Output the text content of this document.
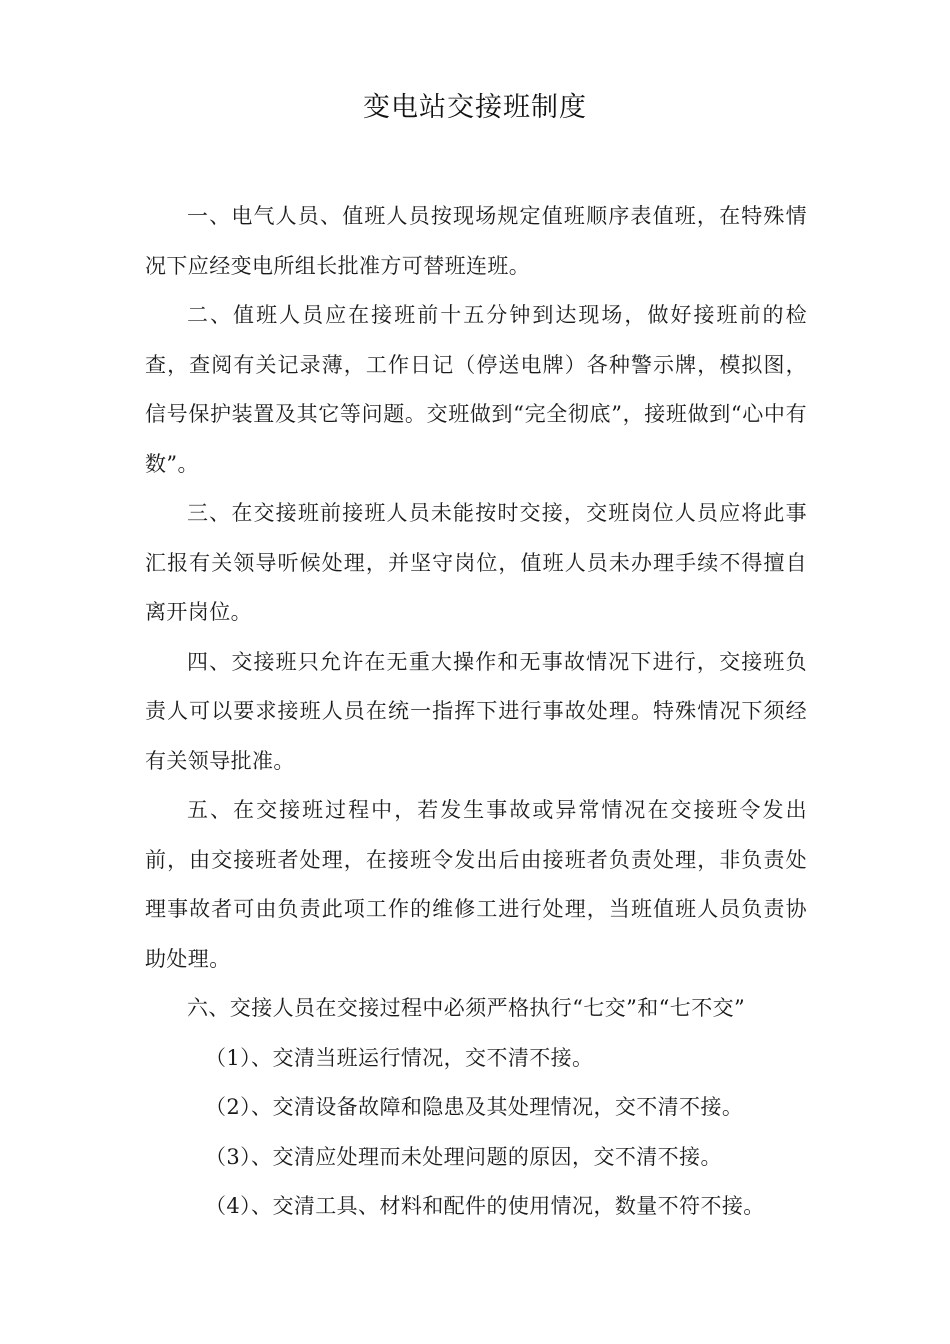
变电站交接班制度

一、电气人员、值班人员按现场规定值班顺序表值班，在特殊情况下应经变电所组长批准方可替班连班。

二、值班人员应在接班前十五分钟到达现场，做好接班前的检查，查阅有关记录薄，工作日记（停送电牌）各种警示牌，模拟图，信号保护装置及其它等问题。交班做到“完全彻底”，接班做到“心中有数”。

三、在交接班前接班人员未能按时交接，交班岗位人员应将此事汇报有关领导听候处理，并坚守岗位，值班人员未办理手续不得擅自离开岗位。

四、交接班只允许在无重大操作和无事故情况下进行，交接班负责人可以要求接班人员在统一指挥下进行事故处理。特殊情况下须经有关领导批准。

五、在交接班过程中，若发生事故或异常情况在交接班令发出前，由交接班者处理，在接班令发出后由接班者负责处理，非负责处理事故者可由负责此项工作的维修工进行处理，当班值班人员负责协助处理。

六、交接人员在交接过程中必须严格执行“七交”和“七不交”

（1）、交清当班运行情况，交不清不接。

（2）、交清设备故障和隐患及其处理情况，交不清不接。

（3）、交清应处理而未处理问题的原因，交不清不接。

（4）、交清工具、材料和配件的使用情况，数量不符不接。
